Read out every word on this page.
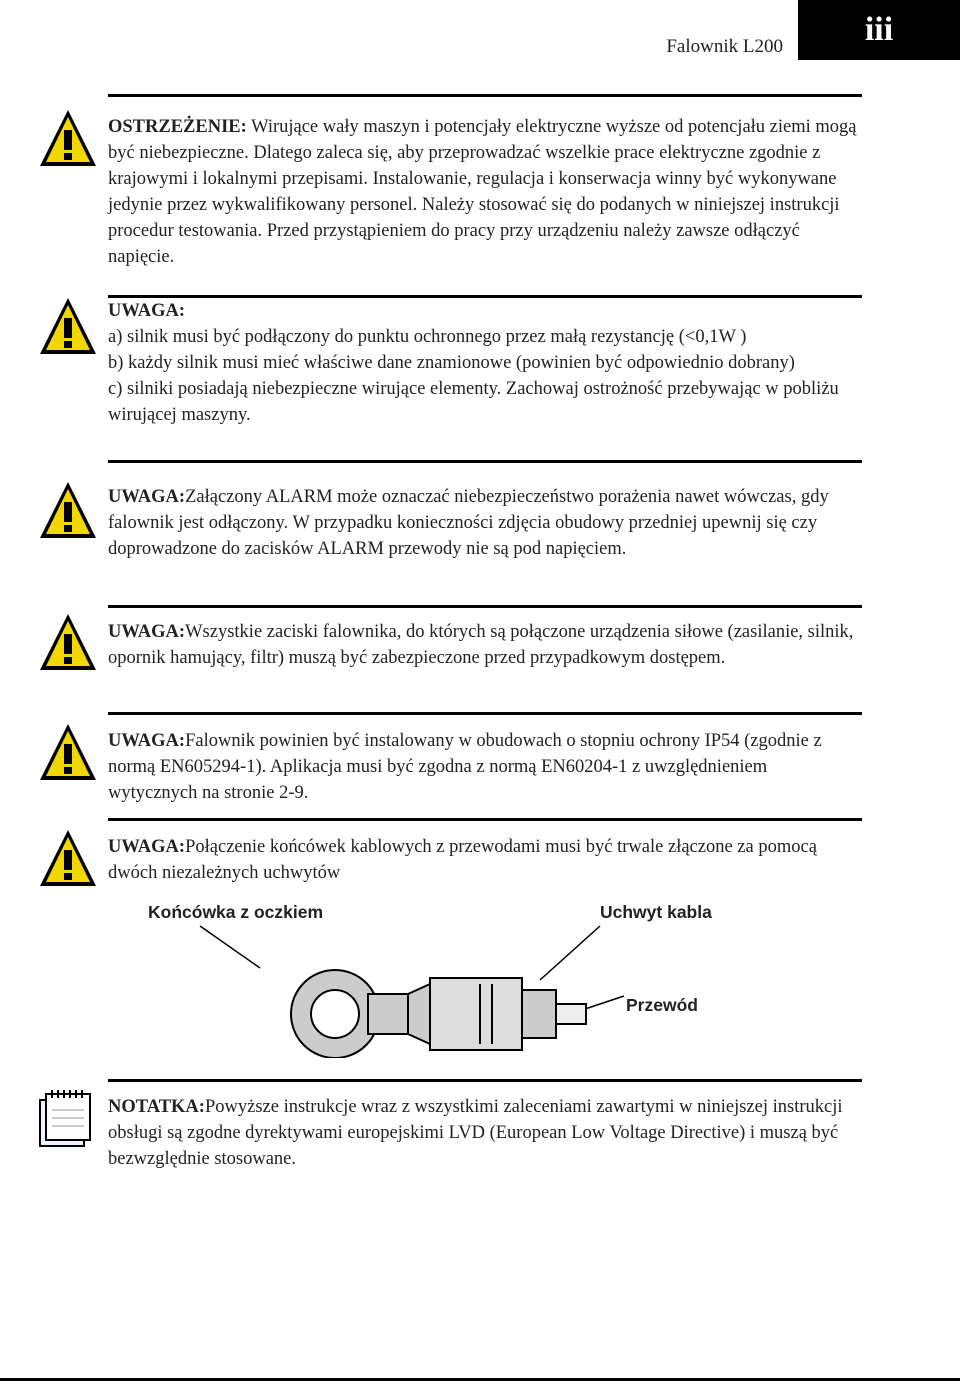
Falownik L200	iii

OSTRZEŻENIE: Wirujące wały maszyn i potencjały elektryczne wyższe od potencjału ziemi mogą być niebezpieczne. Dlatego zaleca się, aby przeprowadzać wszelkie prace elektryczne zgodnie z krajowymi i lokalnymi przepisami. Instalowanie, regulacja i konserwacja winny być wykonywane jedynie przez wykwalifikowany personel. Należy stosować się do podanych w niniejszej instrukcji procedur testowania. Przed przystąpieniem do pracy przy urządzeniu należy zawsze odłączyć napięcie.

UWAGA:

a) silnik musi być podłączony do punktu ochronnego przez małą rezystancję (<0,1W )

b) każdy silnik musi mieć właściwe dane znamionowe (powinien być odpowiednio dobrany)

c) silniki posiadają niebezpieczne wirujące elementy. Zachowaj ostrożność przebywając w pobliżu wirującej maszyny.

UWAGA:Załączony ALARM może oznaczać niebezpieczeństwo porażenia nawet wówczas, gdy falownik jest odłączony. W przypadku konieczności zdjęcia obudowy przedniej upewnij się czy doprowadzone do zacisków ALARM przewody nie są pod napięciem.

UWAGA:Wszystkie zaciski falownika, do których są połączone urządzenia siłowe (zasilanie, silnik, opornik hamujący, filtr) muszą być zabezpieczone przed przypadkowym dostępem.

UWAGA:Falownik powinien być instalowany w obudowach o stopniu ochrony IP54 (zgodnie z normą EN605294-1). Aplikacja musi być zgodna z normą EN60204-1 z uwzględnieniem wytycznych na stronie 2-9.

UWAGA:Połączenie końcówek kablowych z przewodami musi być trwale złączone za pomocą dwóch niezależnych uchwytów

Końcówka z oczkiem	Uchwyt kabla
Przewód

NOTATKA:Powyższe instrukcje wraz z wszystkimi zaleceniami zawartymi w niniejszej instrukcji obsługi są zgodne dyrektywami europejskimi LVD (European Low Voltage Directive) i muszą być bezwzględnie stosowane.
